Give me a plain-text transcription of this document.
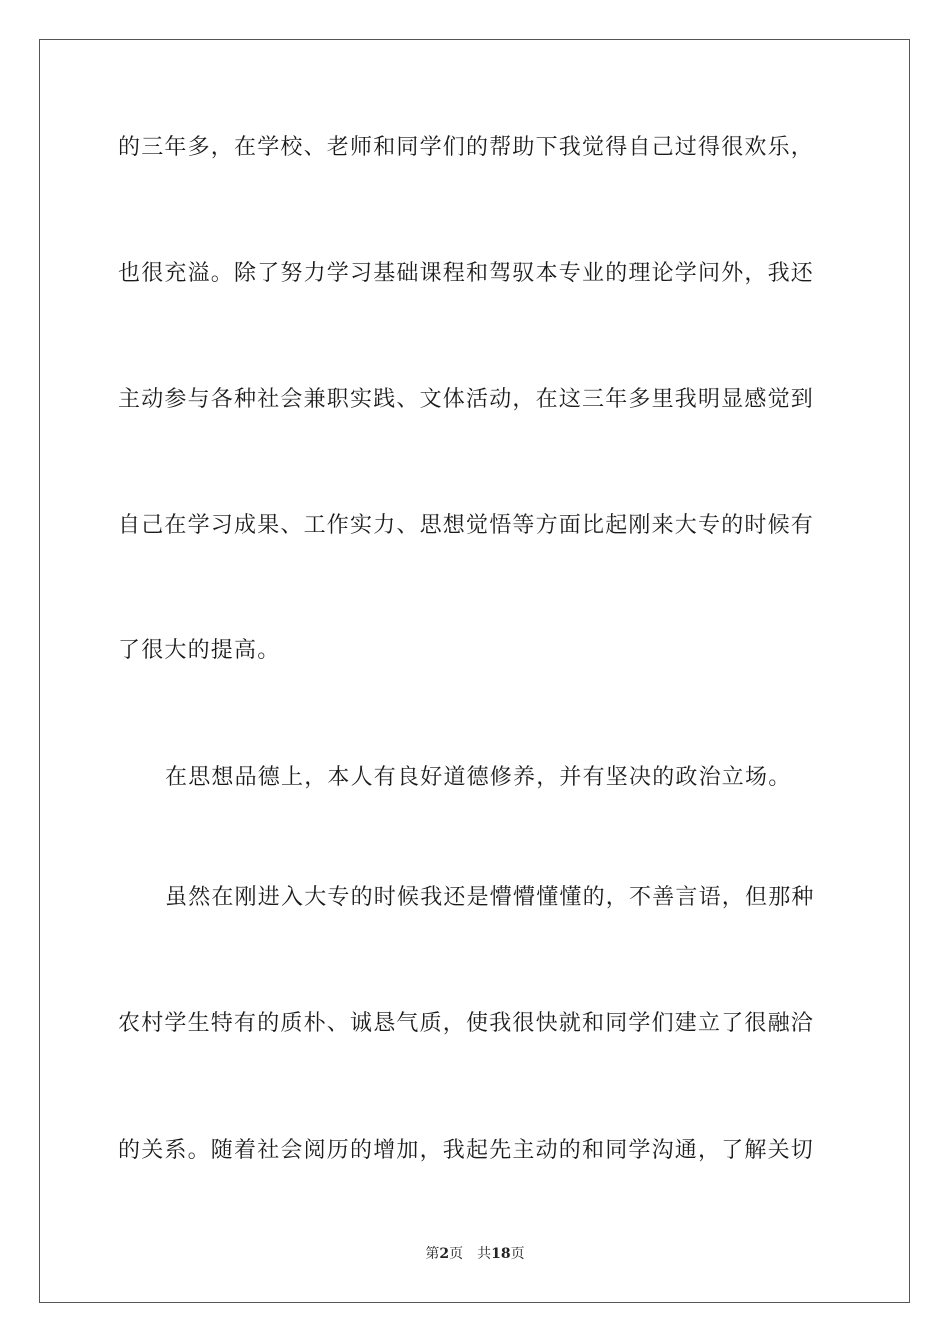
的三年多，在学校、老师和同学们的帮助下我觉得自己过得很欢乐，
也很充溢。除了努力学习基础课程和驾驭本专业的理论学问外，我还
主动参与各种社会兼职实践、文体活动，在这三年多里我明显感觉到
自己在学习成果、工作实力、思想觉悟等方面比起刚来大专的时候有
了很大的提高。
在思想品德上，本人有良好道德修养，并有坚决的政治立场。
虽然在刚进入大专的时候我还是懵懵懂懂的，不善言语，但那种
农村学生特有的质朴、诚恳气质，使我很快就和同学们建立了很融洽
的关系。随着社会阅历的增加，我起先主动的和同学沟通，了解关切
第2页 共18页
